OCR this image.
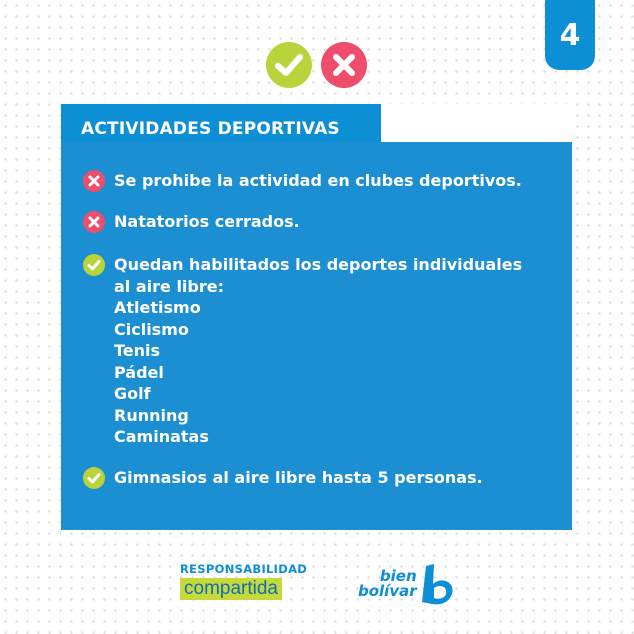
4
ACTIVIDADES DEPORTIVAS
Se prohibe la actividad en clubes deportivos.
Natatorios cerrados.
Quedan habilitados los deportes individuales
al aire libre:
Atletismo
Ciclismo
Tenis
Pádel
Golf
Running
Caminatas
Gimnasios al aire libre hasta 5 personas.
RESPONSABILIDAD
compartida
bien
bolívar
